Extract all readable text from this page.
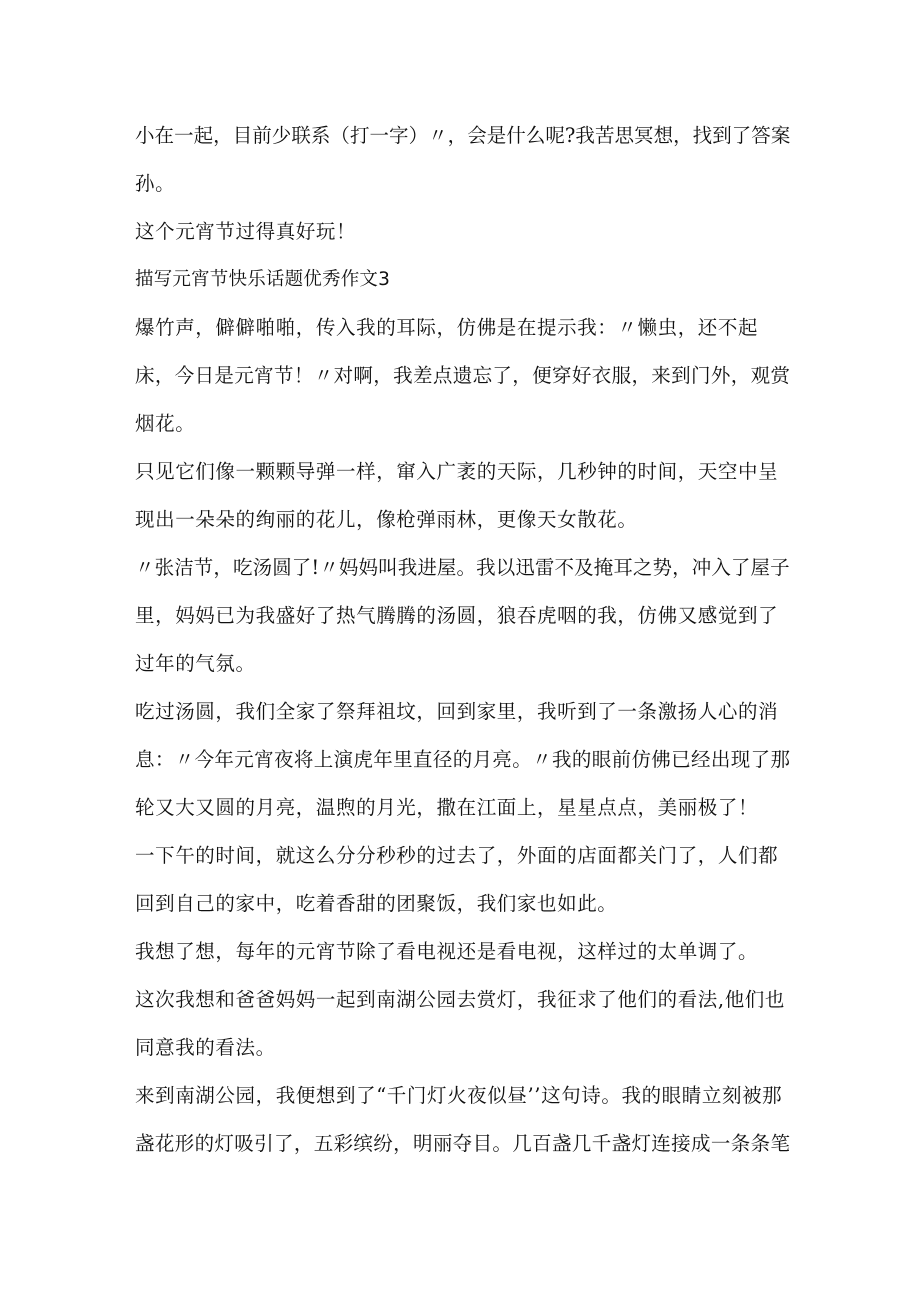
小在一起，目前少联系（打一字）〃，会是什么呢?我苦思冥想，找到了答案

孙。

这个元宵节过得真好玩！

描写元宵节快乐话题优秀作文3

爆竹声，僻僻啪啪，传入我的耳际，仿佛是在提示我：〃懒虫，还不起

床，今日是元宵节！〃对啊，我差点遗忘了，便穿好衣服，来到门外，观赏

烟花。

只见它们像一颗颗导弹一样，窜入广袤的天际，几秒钟的时间，天空中呈

现出一朵朵的绚丽的花儿，像枪弹雨林，更像天女散花。

〃张洁节，吃汤圆了!〃妈妈叫我进屋。我以迅雷不及掩耳之势，冲入了屋子

里，妈妈已为我盛好了热气腾腾的汤圆，狼吞虎咽的我，仿佛又感觉到了

过年的气氛。

吃过汤圆，我们全家了祭拜祖坟，回到家里，我听到了一条激扬人心的消

息：〃今年元宵夜将上演虎年里直径的月亮。〃我的眼前仿佛已经出现了那

轮又大又圆的月亮，温煦的月光，撒在江面上，星星点点，美丽极了！

一下午的时间，就这么分分秒秒的过去了，外面的店面都关门了，人们都

回到自己的家中，吃着香甜的团聚饭，我们家也如此。

我想了想，每年的元宵节除了看电视还是看电视，这样过的太单调了。

这次我想和爸爸妈妈一起到南湖公园去赏灯，我征求了他们的看法,他们也

同意我的看法。

来到南湖公园，我便想到了“千门灯火夜似昼’’这句诗。我的眼睛立刻被那

盏花形的灯吸引了，五彩缤纷，明丽夺目。几百盏几千盏灯连接成一条条笔
